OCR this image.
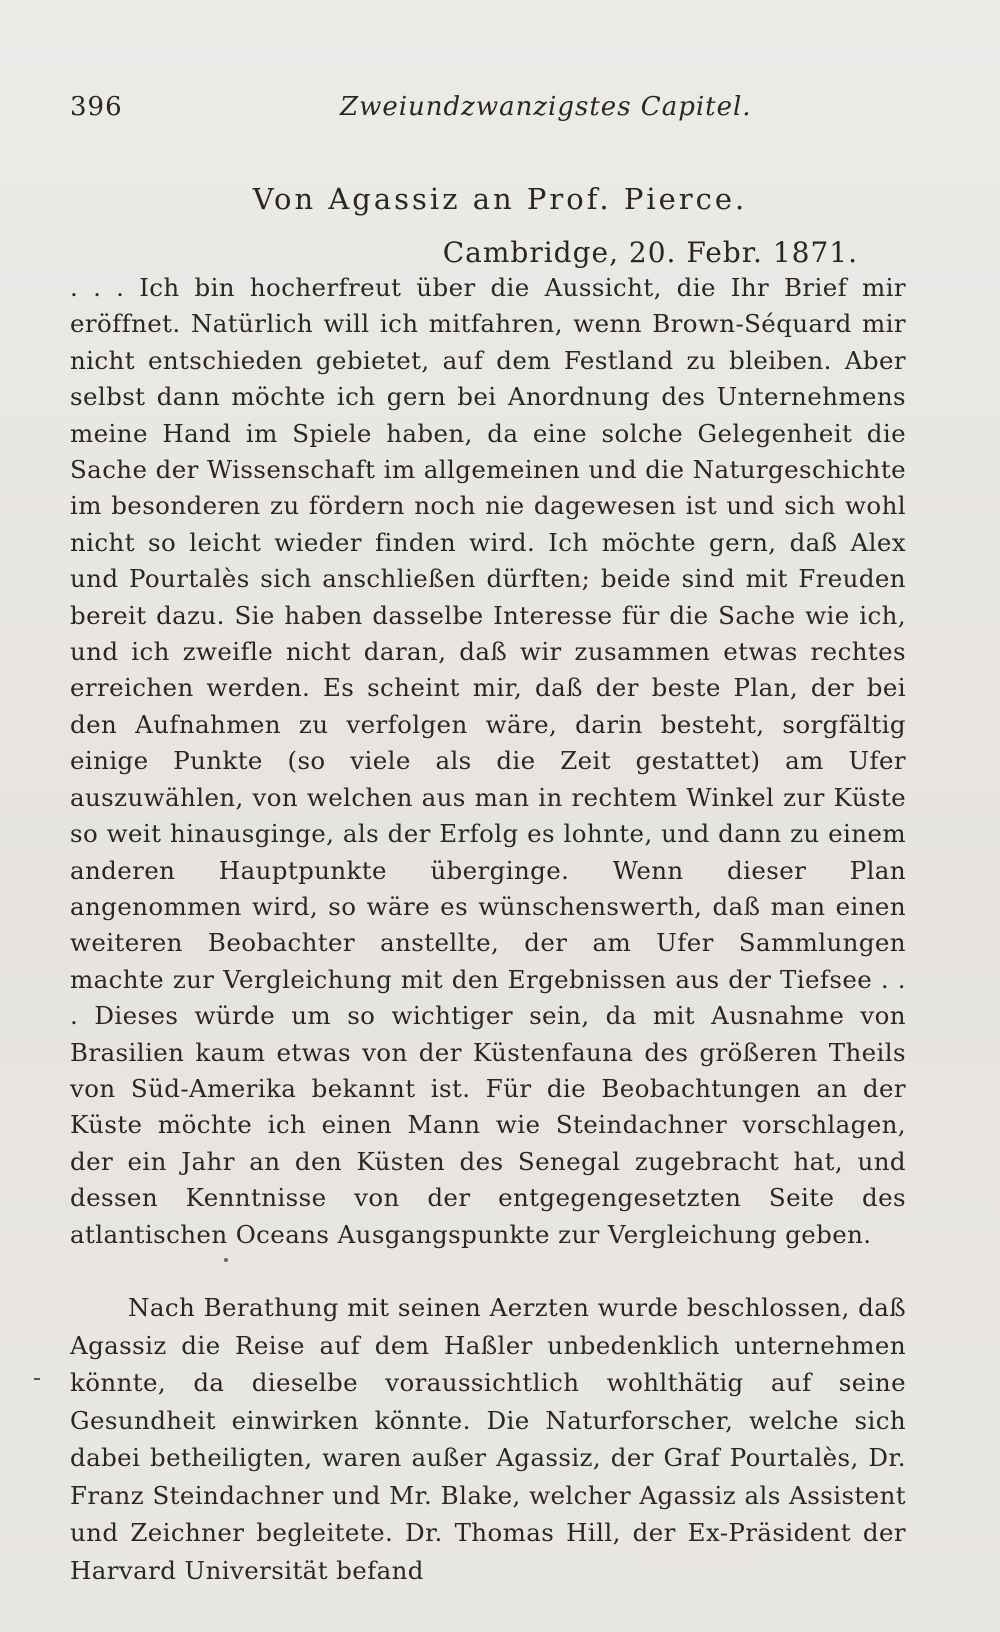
396	Zweiundzwanzigstes Capitel.
Von Agassiz an Prof. Pierce.
Cambridge, 20. Febr. 1871.

. . . Ich bin hocherfreut über die Aussicht, die Ihr Brief mir eröffnet. Natürlich will ich mitfahren, wenn Brown-Séquard mir nicht entschieden gebietet, auf dem Festland zu bleiben. Aber selbst dann möchte ich gern bei Anordnung des Unternehmens meine Hand im Spiele haben, da eine solche Gelegenheit die Sache der Wissenschaft im allgemeinen und die Naturgeschichte im besonderen zu fördern noch nie dagewesen ist und sich wohl nicht so leicht wieder finden wird. Ich möchte gern, daß Alex und Pourtalès sich anschließen dürften; beide sind mit Freuden bereit dazu. Sie haben dasselbe Interesse für die Sache wie ich, und ich zweifle nicht daran, daß wir zusammen etwas rechtes erreichen werden. Es scheint mir, daß der beste Plan, der bei den Aufnahmen zu verfolgen wäre, darin besteht, sorgfältig einige Punkte (so viele als die Zeit gestattet) am Ufer auszuwählen, von welchen aus man in rechtem Winkel zur Küste so weit hinausginge, als der Erfolg es lohnte, und dann zu einem anderen Hauptpunkte überginge. Wenn dieser Plan angenommen wird, so wäre es wünschenswerth, daß man einen weiteren Beobachter anstellte, der am Ufer Sammlungen machte zur Vergleichung mit den Ergebnissen aus der Tiefsee . . . Dieses würde um so wichtiger sein, da mit Ausnahme von Brasilien kaum etwas von der Küstenfauna des größeren Theils von Süd-Amerika bekannt ist. Für die Beobachtungen an der Küste möchte ich einen Mann wie Steindachner vorschlagen, der ein Jahr an den Küsten des Senegal zugebracht hat, und dessen Kenntnisse von der entgegengesetzten Seite des atlantischen Oceans Ausgangspunkte zur Vergleichung geben.

Nach Berathung mit seinen Aerzten wurde beschlossen, daß Agassiz die Reise auf dem Haßler unbedenklich unternehmen könnte, da dieselbe voraussichtlich wohlthätig auf seine Gesundheit einwirken könnte. Die Naturforscher, welche sich dabei betheiligten, waren außer Agassiz, der Graf Pourtalès, Dr. Franz Steindachner und Mr. Blake, welcher Agassiz als Assistent und Zeichner begleitete. Dr. Thomas Hill, der Ex-Präsident der Harvard Universität befand
